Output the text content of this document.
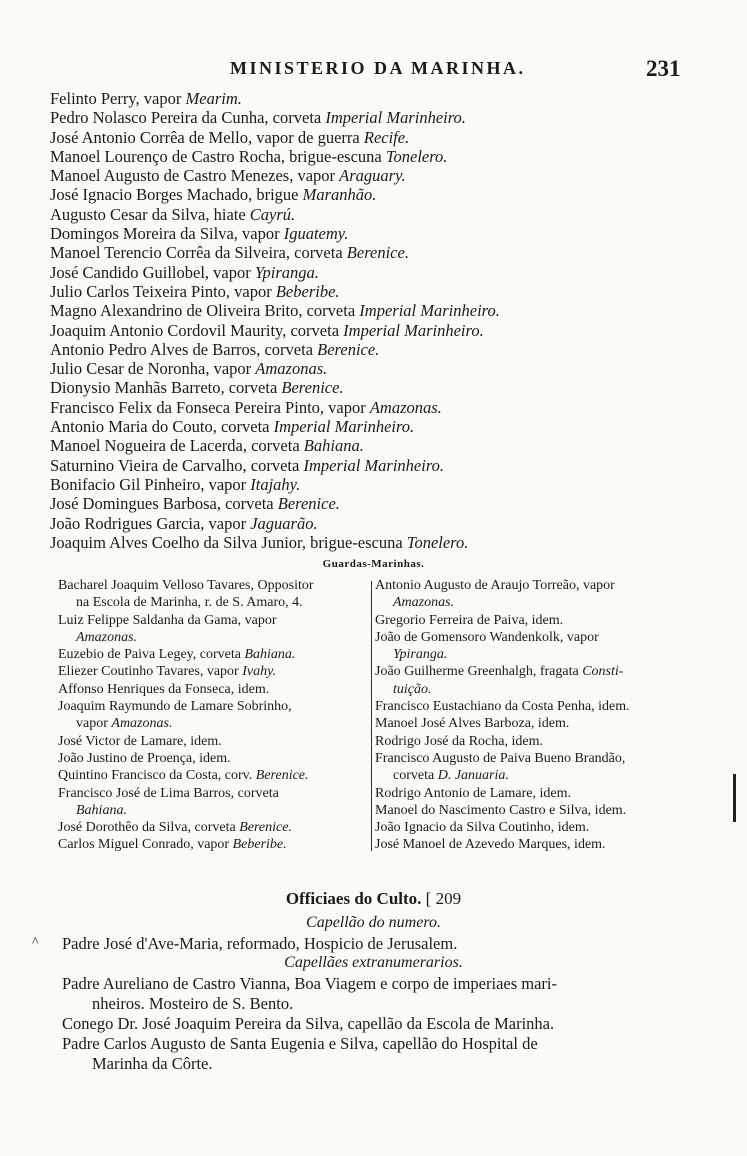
MINISTERIO DA MARINHA.	231
Felinto Perry, vapor Mearim.
Pedro Nolasco Pereira da Cunha, corveta Imperial Marinheiro.
José Antonio Corrêa de Mello, vapor de guerra Recife.
Manoel Lourenço de Castro Rocha, brigue-escuna Tonelero.
Manoel Augusto de Castro Menezes, vapor Araguary.
José Ignacio Borges Machado, brigue Maranhão.
Augusto Cesar da Silva, hiate Cayrú.
Domingos Moreira da Silva, vapor Iguatemy.
Manoel Terencio Corrêa da Silveira, corveta Berenice.
José Candido Guillobel, vapor Ypiranga.
Julio Carlos Teixeira Pinto, vapor Beberibe.
Magno Alexandrino de Oliveira Brito, corveta Imperial Marinheiro.
Joaquim Antonio Cordovil Maurity, corveta Imperial Marinheiro.
Antonio Pedro Alves de Barros, corveta Berenice.
Julio Cesar de Noronha, vapor Amazonas.
Dionysio Manhãs Barreto, corveta Berenice.
Francisco Felix da Fonseca Pereira Pinto, vapor Amazonas.
Antonio Maria do Couto, corveta Imperial Marinheiro.
Manoel Nogueira de Lacerda, corveta Bahiana.
Saturnino Vieira de Carvalho, corveta Imperial Marinheiro.
Bonifacio Gil Pinheiro, vapor Itajahy.
José Domingues Barbosa, corveta Berenice.
João Rodrigues Garcia, vapor Jaguarão.
Joaquim Alves Coelho da Silva Junior, brigue-escuna Tonelero.
Guardas-Marinhas.
Bacharel Joaquim Velloso Tavares, Oppositor
na Escola de Marinha, r. de S. Amaro, 4.
Luiz Felippe Saldanha da Gama, vapor
Amazonas.
Euzebio de Paiva Legey, corveta Bahiana.
Eliezer Coutinho Tavares, vapor Ivahy.
Affonso Henriques da Fonseca, idem.
Joaquim Raymundo de Lamare Sobrinho,
vapor Amazonas.
José Victor de Lamare, idem.
João Justino de Proença, idem.
Quintino Francisco da Costa, corv. Berenice.
Francisco José de Lima Barros, corveta
Bahiana.
José Dorothêo da Silva, corveta Berenice.
Carlos Miguel Conrado, vapor Beberibe.
Antonio Augusto de Araujo Torreão, vapor
Amazonas.
Gregorio Ferreira de Paiva, idem.
João de Gomensoro Wandenkolk, vapor
Ypiranga.
João Guilherme Greenhalgh, fragata Consti-
tuição.
Francisco Eustachiano da Costa Penha, idem.
Manoel José Alves Barboza, idem.
Rodrigo José da Rocha, idem.
Francisco Augusto de Paiva Bueno Brandão,
corveta D. Januaria.
Rodrigo Antonio de Lamare, idem.
Manoel do Nascimento Castro e Silva, idem.
João Ignacio da Silva Coutinho, idem.
José Manoel de Azevedo Marques, idem.
Officiaes do Culto. [ 209
Capellão do numero.
Padre José d'Ave-Maria, reformado, Hospicio de Jerusalem.
Capellães extranumerarios.
Padre Aureliano de Castro Vianna, Boa Viagem e corpo de imperiaes mari-
nheiros. Mosteiro de S. Bento.
Conego Dr. José Joaquim Pereira da Silva, capellão da Escola de Marinha.
Padre Carlos Augusto de Santa Eugenia e Silva, capellão do Hospital de
Marinha da Côrte.
^
